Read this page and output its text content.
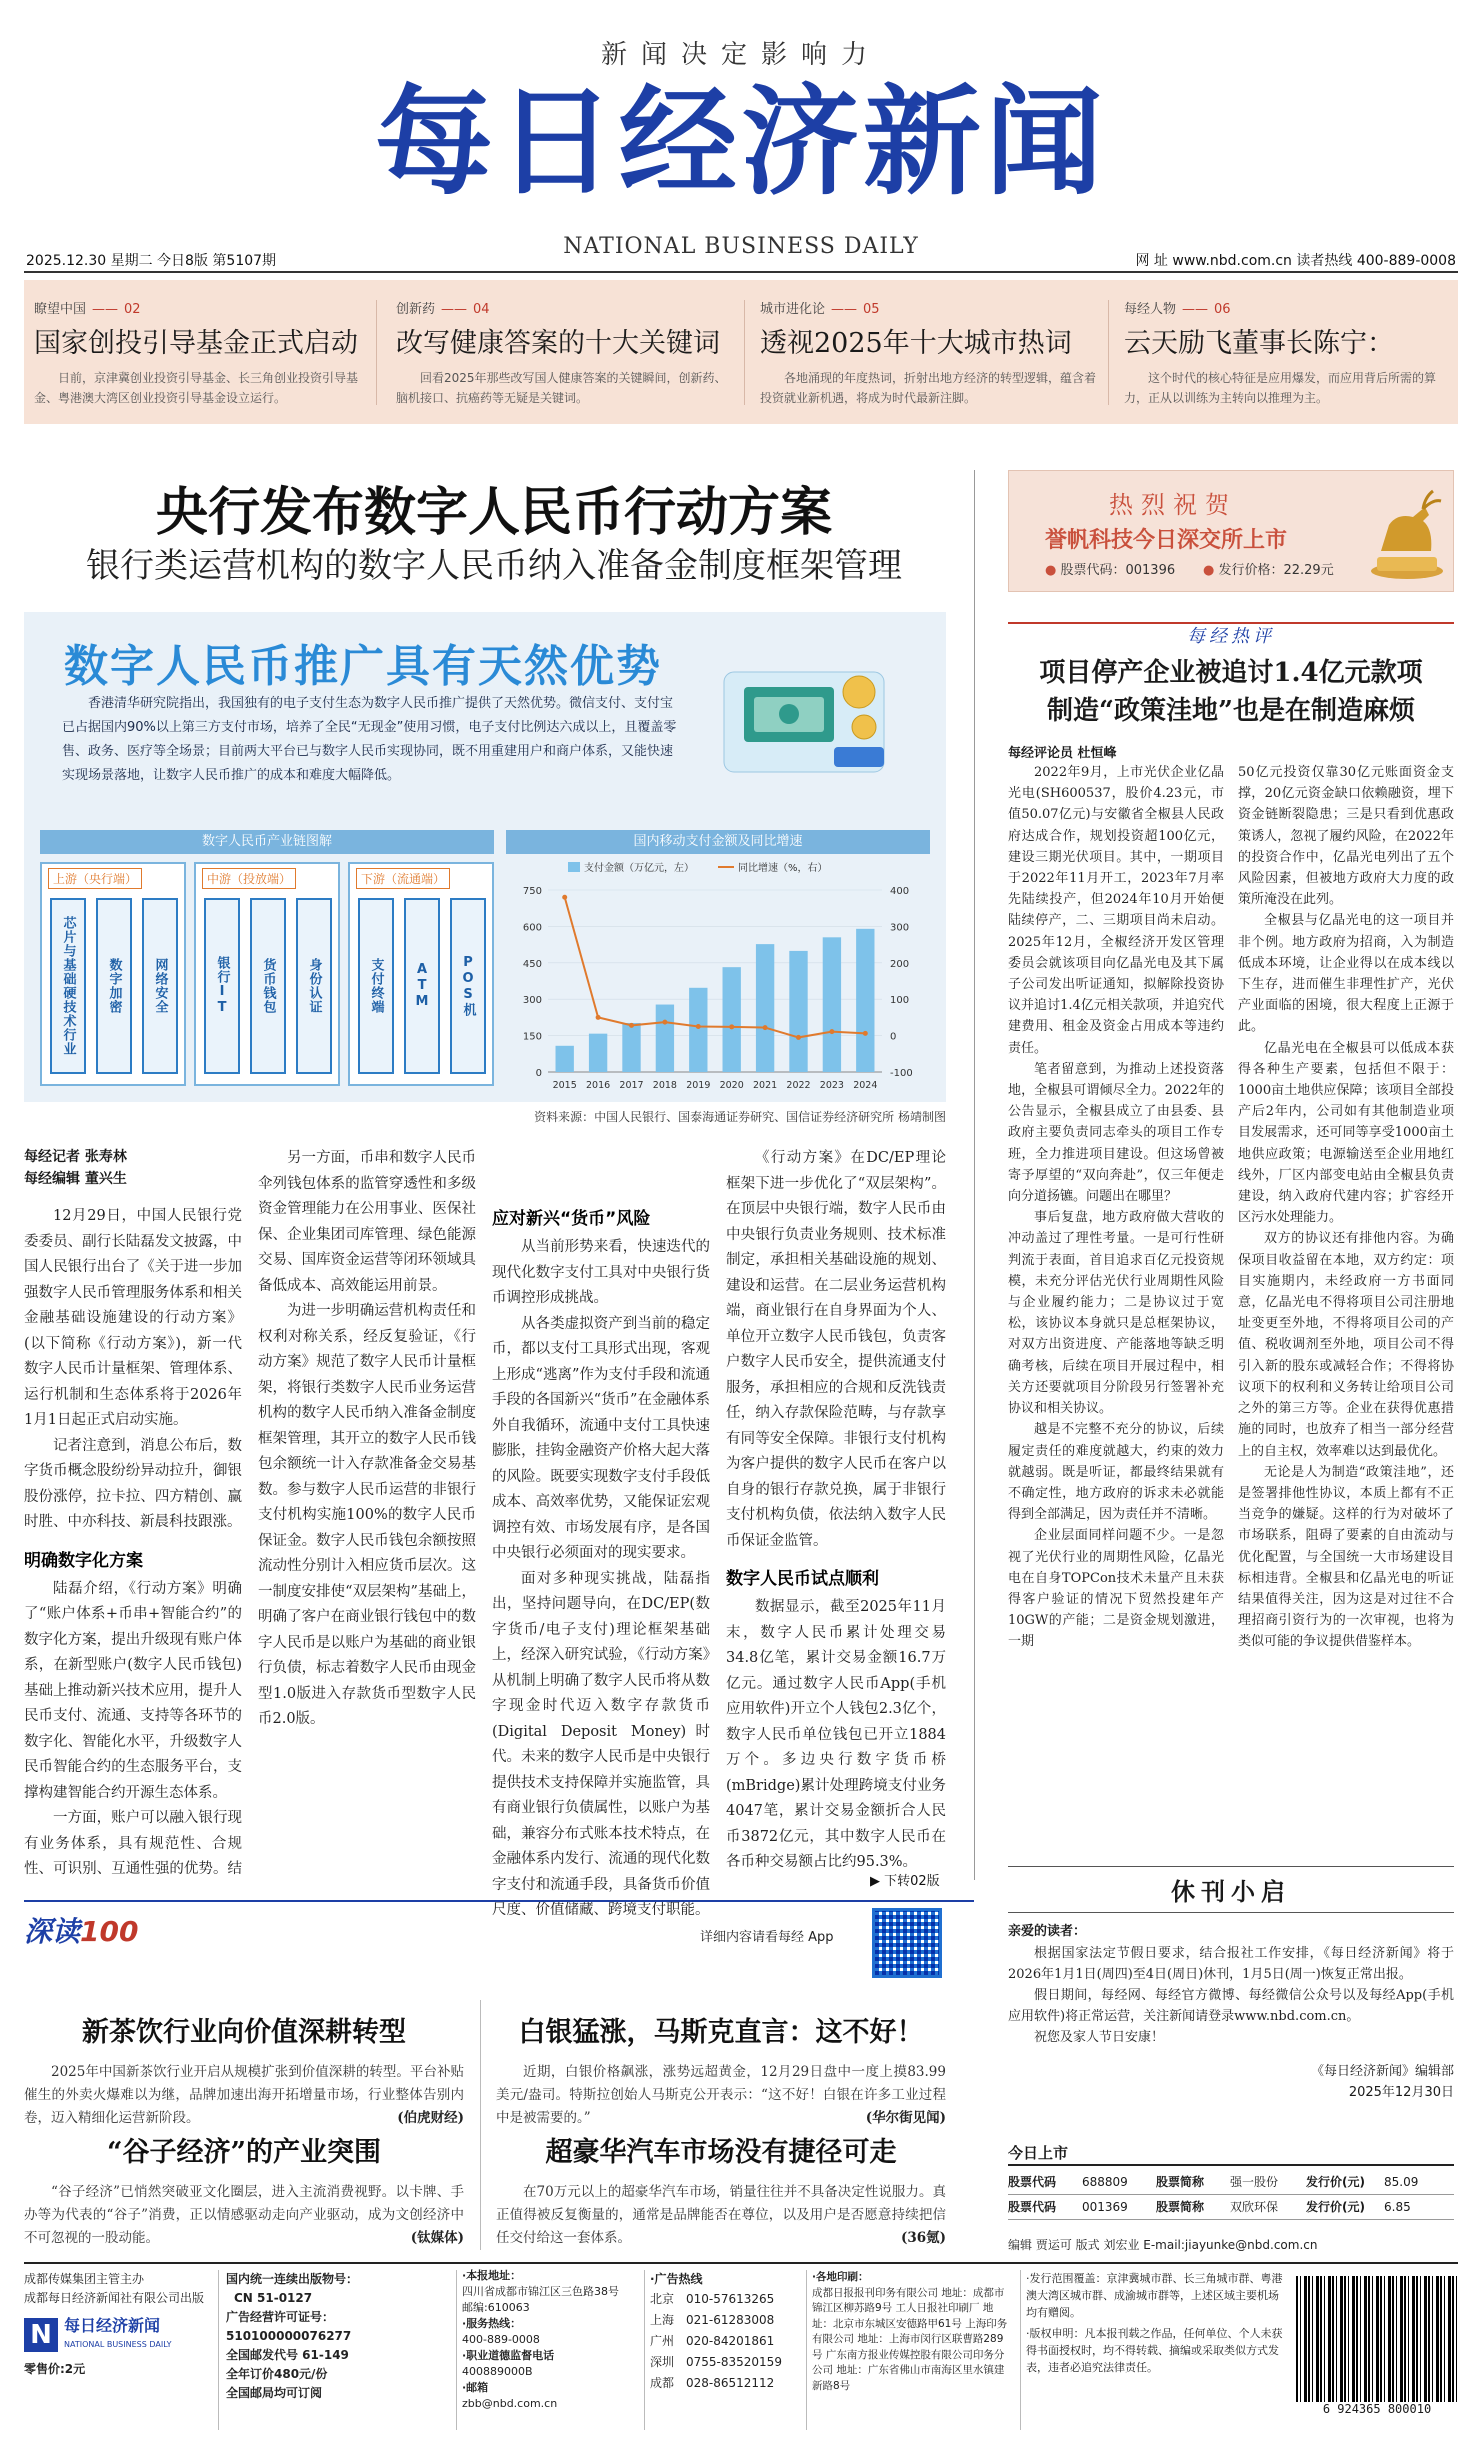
新闻决定影响力
每日经济新闻
NATIONAL BUSINESS DAILY
2025.12.30 星期二 今日8版 第5107期	网 址 www.nbd.com.cn 读者热线 400-889-0008
瞭望中国 —— 02
国家创投引导基金正式启动
日前，京津冀创业投资引导基金、长三角创业投资引导基金、粤港澳大湾区创业投资引导基金设立运行。
创新药 —— 04
改写健康答案的十大关键词
回看2025年那些改写国人健康答案的关键瞬间，创新药、脑机接口、抗癌药等无疑是关键词。
城市进化论 —— 05
透视2025年十大城市热词
各地涌现的年度热词，折射出地方经济的转型逻辑，蕴含着投资就业新机遇，将成为时代最新注脚。
每经人物 —— 06
云天励飞董事长陈宁：
这个时代的核心特征是应用爆发，而应用背后所需的算力，正从以训练为主转向以推理为主。
央行发布数字人民币行动方案
银行类运营机构的数字人民币纳入准备金制度框架管理
数字人民币推广具有天然优势
香港清华研究院指出，我国独有的电子支付生态为数字人民币推广提供了天然优势。微信支付、支付宝已占据国内90%以上第三方支付市场，培养了全民“无现金”使用习惯，电子支付比例达六成以上，且覆盖零售、政务、医疗等全场景；目前两大平台已与数字人民币实现协同，既不用重建用户和商户体系，又能快速实现场景落地，让数字人民币推广的成本和难度大幅降低。
数字人民币产业链图解
上游（央行端）
芯片与基础硬技术行业	数字加密	网络安全
中游（投放端）
银行IT	货币钱包	身份认证
下游（流通端）
支付终端	ATM	POS机
国内移动支付金额及同比增速
支付金额（万亿元，左）	同比增速（%，右）
0
150
300
450
600
750
-100
0
100
200
300
400
2015 2016 2017 2018 2019 2020 2021 2022 2023 2024
资料来源：中国人民银行、国泰海通证券研究、国信证券经济研究所 杨靖制图
每经记者 张寿林
每经编辑 董兴生

12月29日，中国人民银行党委委员、副行长陆磊发文披露，中国人民银行出台了《关于进一步加强数字人民币管理服务体系和相关金融基础设施建设的行动方案》(以下简称《行动方案》)，新一代数字人民币计量框架、管理体系、运行机制和生态体系将于2026年1月1日起正式启动实施。

记者注意到，消息公布后，数字货币概念股纷纷异动拉升，御银股份涨停，拉卡拉、四方精创、赢时胜、中亦科技、新晨科技跟涨。

明确数字化方案

陆磊介绍，《行动方案》明确了“账户体系+币串+智能合约”的数字化方案，提出升级现有账户体系，在新型账户(数字人民币钱包)基础上推动新兴技术应用，提升人民币支付、流通、支持等各环节的数字化、智能化水平，升级数字人民币智能合约的生态服务平台，支撑构建智能合约开源生态体系。

一方面，账户可以融入银行现有业务体系，具有规范性、合规性、可识别、互通性强的优势。结

另一方面，币串和数字人民币伞列钱包体系的监管穿透性和多级资金管理能力在公用事业、医保社保、企业集团司库管理、绿色能源交易、国库资金运营等闭环领域具备低成本、高效能运用前景。

为进一步明确运营机构责任和权利对称关系，经反复验证，《行动方案》规范了数字人民币计量框架，将银行类数字人民币业务运营机构的数字人民币纳入准备金制度框架管理，其开立的数字人民币钱包余额统一计入存款准备金交易基数。参与数字人民币运营的非银行支付机构实施100%的数字人民币保证金。数字人民币钱包余额按照流动性分别计入相应货币层次。这一制度安排使“双层架构”基础上，明确了客户在商业银行钱包中的数字人民币是以账户为基础的商业银行负债，标志着数字人民币由现金型1.0版进入存款货币型数字人民币2.0版。

应对新兴“货币”风险

从当前形势来看，快速迭代的现代化数字支付工具对中央银行货币调控形成挑战。

从各类虚拟资产到当前的稳定币，都以支付工具形式出现，客观上形成“逃离”作为支付手段和流通手段的各国新兴“货币”在金融体系外自我循环，流通中支付工具快速膨胀，挂钩金融资产价格大起大落的风险。既要实现数字支付手段低成本、高效率优势，又能保证宏观调控有效、市场发展有序，是各国中央银行必须面对的现实要求。

面对多种现实挑战，陆磊指出，坚持问题导向，在DC/EP(数字货币/电子支付)理论框架基础上，经深入研究试验，《行动方案》从机制上明确了数字人民币将从数字现金时代迈入数字存款货币(Digital Deposit Money)时代。未来的数字人民币是中央银行提供技术支持保障并实施监管，具有商业银行负债属性，以账户为基础，兼容分布式账本技术特点，在金融体系内发行、流通的现代化数字支付和流通手段，具备货币价值尺度、价值储藏、跨境支付职能。

《行动方案》在DC/EP理论框架下进一步优化了“双层架构”。在顶层中央银行端，数字人民币由中央银行负责业务规则、技术标准制定，承担相关基础设施的规划、建设和运营。在二层业务运营机构端，商业银行在自身界面为个人、单位开立数字人民币钱包，负责客户数字人民币安全，提供流通支付服务，承担相应的合规和反洗钱责任，纳入存款保险范畴，与存款享有同等安全保障。非银行支付机构为客户提供的数字人民币在客户以自身的银行存款兑换，属于非银行支付机构负债，依法纳入数字人民币保证金监管。

数字人民币试点顺利

数据显示，截至2025年11月末，数字人民币累计处理交易34.8亿笔，累计交易金额16.7万亿元。通过数字人民币App(手机应用软件)开立个人钱包2.3亿个，数字人民币单位钱包已开立1884万个。多边央行数字货币桥(mBridge)累计处理跨境支付业务4047笔，累计交易金额折合人民币3872亿元，其中数字人民币在各币种交易额占比约95.3%。

▶ 下转02版
热烈祝贺
誉帆科技今日深交所上市
● 股票代码：001396 ● 发行价格：22.29元
每经热评
项目停产企业被追讨1.4亿元款项
制造“政策洼地”也是在制造麻烦
每经评论员 杜恒峰

2022年9月，上市光伏企业亿晶光电(SH600537，股价4.23元，市值50.07亿元)与安徽省全椒县人民政府达成合作，规划投资超100亿元，建设三期光伏项目。其中，一期项目于2022年11月开工，2023年7月率先陆续投产，但2024年10月开始便陆续停产，二、三期项目尚未启动。2025年12月，全椒经济开发区管理委员会就该项目向亿晶光电及其下属子公司发出听证通知，拟解除投资协议并追讨1.4亿元相关款项，并追究代建费用、租金及资金占用成本等违约责任。

笔者留意到，为推动上述投资落地，全椒县可谓倾尽全力。2022年的公告显示，全椒县成立了由县委、县政府主要负责同志牵头的项目工作专班，全力推进项目建设。但这场曾被寄予厚望的“双向奔赴”，仅三年便走向分道扬镳。问题出在哪里？

事后复盘，地方政府做大营收的冲动盖过了理性考量。一是可行性研判流于表面，首目追求百亿元投资规模，未充分评估光伏行业周期性风险与企业履约能力；二是协议过于宽松，该协议本身就只是总框架协议，对双方出资进度、产能落地等缺乏明确考核，后续在项目开展过程中，相关方还要就项目分阶段另行签署补充协议和相关协议。

越是不完整不充分的协议，后续履定责任的难度就越大，约束的效力就越弱。既是听证，都最终结果就有不确定性，地方政府的诉求未必就能得到全部满足，因为责任并不清晰。

企业层面同样问题不少。一是忽视了光伏行业的周期性风险，亿晶光电在自身TOPCon技术未量产且未获得客户验证的情况下贸然投建年产10GW的产能；二是资金规划激进，一期

50亿元投资仅靠30亿元账面资金支撑，20亿元资金缺口依赖融资，埋下资金链断裂隐患；三是只看到优惠政策诱人，忽视了履约风险，在2022年的投资合作中，亿晶光电列出了五个风险因素，但被地方政府大力度的政策所淹没在此列。

全椒县与亿晶光电的这一项目并非个例。地方政府为招商，入为制造低成本环境，让企业得以在成本线以下生存，进而催生非理性扩产，光伏产业面临的困境，很大程度上正源于此。

亿晶光电在全椒县可以低成本获得各种生产要素，包括但不限于：1000亩土地供应保障；该项目全部投产后2年内，公司如有其他制造业项目发展需求，还可同等享受1000亩土地供应政策；电源输送至企业用地红线外，厂区内部变电站由全椒县负责建设，纳入政府代建内容；扩容经开区污水处理能力。

双方的协议还有排他内容。为确保项目收益留在本地，双方约定：项目实施期内，未经政府一方书面同意，亿晶光电不得将项目公司注册地址变更至外地，不得将项目公司的产值、税收调剂至外地，项目公司不得引入新的股东或减轻合作；不得将协议项下的权利和义务转让给项目公司之外的第三方等。企业在获得优惠措施的同时，也放弃了相当一部分经营上的自主权，效率难以达到最优化。

无论是人为制造“政策洼地”，还是签署排他性协议，本质上都有不正当竞争的嫌疑。这样的行为对破坏了市场联系，阻碍了要素的自由流动与优化配置，与全国统一大市场建设目标相违背。全椒县和亿晶光电的听证结果值得关注，因为这是对过往不合理招商引资行为的一次审视，也将为类似可能的争议提供借鉴样本。

休刊小启
亲爱的读者：

根据国家法定节假日要求，结合报社工作安排，《每日经济新闻》将于2026年1月1日(周四)至4日(周日)休刊，1月5日(周一)恢复正常出报。

假日期间，每经网、每经官方微博、每经微信公众号以及每经App(手机应用软件)将正常运营，关注新闻请登录www.nbd.com.cn。

祝您及家人节日安康！

《每日经济新闻》编辑部
2025年12月30日
今日上市
股票代码	688809	股票简称	强一股份	发行价(元)	85.09
股票代码	001369	股票简称	双欣环保	发行价(元)	6.85
编辑 贾运可 版式 刘宏业 E-mail:jiayunke@nbd.com.cn
深读100	详细内容请看每经 App
新茶饮行业向价值深耕转型
2025年中国新茶饮行业开启从规模扩张到价值深耕的转型。平台补贴催生的外卖火爆难以为继，品牌加速出海开拓增量市场，行业整体告别内卷，迈入精细化运营新阶段。	(伯虎财经)
白银猛涨，马斯克直言：这不好！
近期，白银价格飙涨，涨势远超黄金，12月29日盘中一度上摸83.99美元/盎司。特斯拉创始人马斯克公开表示：“这不好！白银在许多工业过程中是被需要的。”	(华尔街见闻)
“谷子经济”的产业突围
“谷子经济”已悄然突破亚文化圈层，进入主流消费视野。以卡牌、手办等为代表的“谷子”消费，正以情感驱动走向产业驱动，成为文创经济中不可忽视的一股动能。	(钛媒体)
超豪华汽车市场没有捷径可走
在70万元以上的超豪华汽车市场，销量往往并不具备决定性说服力。真正值得被反复衡量的，通常是品牌能否在尊位，以及用户是否愿意持续把信任交付给这一套体系。	(36氪)
成都传媒集团主管主办
成都每日经济新闻社有限公司出版
N 每日经济新闻
NATIONAL BUSINESS DAILY
零售价:2元
国内统一连续出版物号：
CN 51-0127
广告经营许可证号：510100000076277
全国邮发代号 61-149
全年订价480元/份
全国邮局均可订阅
·本报地址：
四川省成都市锦江区三色路38号
邮编:610063
·服务热线：
400-889-0008
·职业道德监督电话
400889000B
·邮箱
zbb@nbd.com.cn
·广告热线
北京 010-57613265
上海 021-61283008
广州 020-84201861
深圳 0755-83520159
成都 028-86512112
·各地印刷：
成都日报报刊印务有限公司 地址：成都市锦江区柳苏路9号 工人日报社印刷厂 地址：北京市东城区安德路甲61号 上海印务有限公司 地址：上海市闵行区联曹路289号 广东南方报业传媒控股有限公司印务分公司 地址：广东省佛山市南海区里水镇建新路8号
·发行范围覆盖：京津冀城市群、长三角城市群、粤港澳大湾区城市群、成渝城市群等，上述区域主要机场均有赠阅。
·版权申明：凡本报刊载之作品，任何单位、个人未获得书面授权时，均不得转载、摘编或采取类似方式发表，违者必追究法律责任。
6 924365 800010
